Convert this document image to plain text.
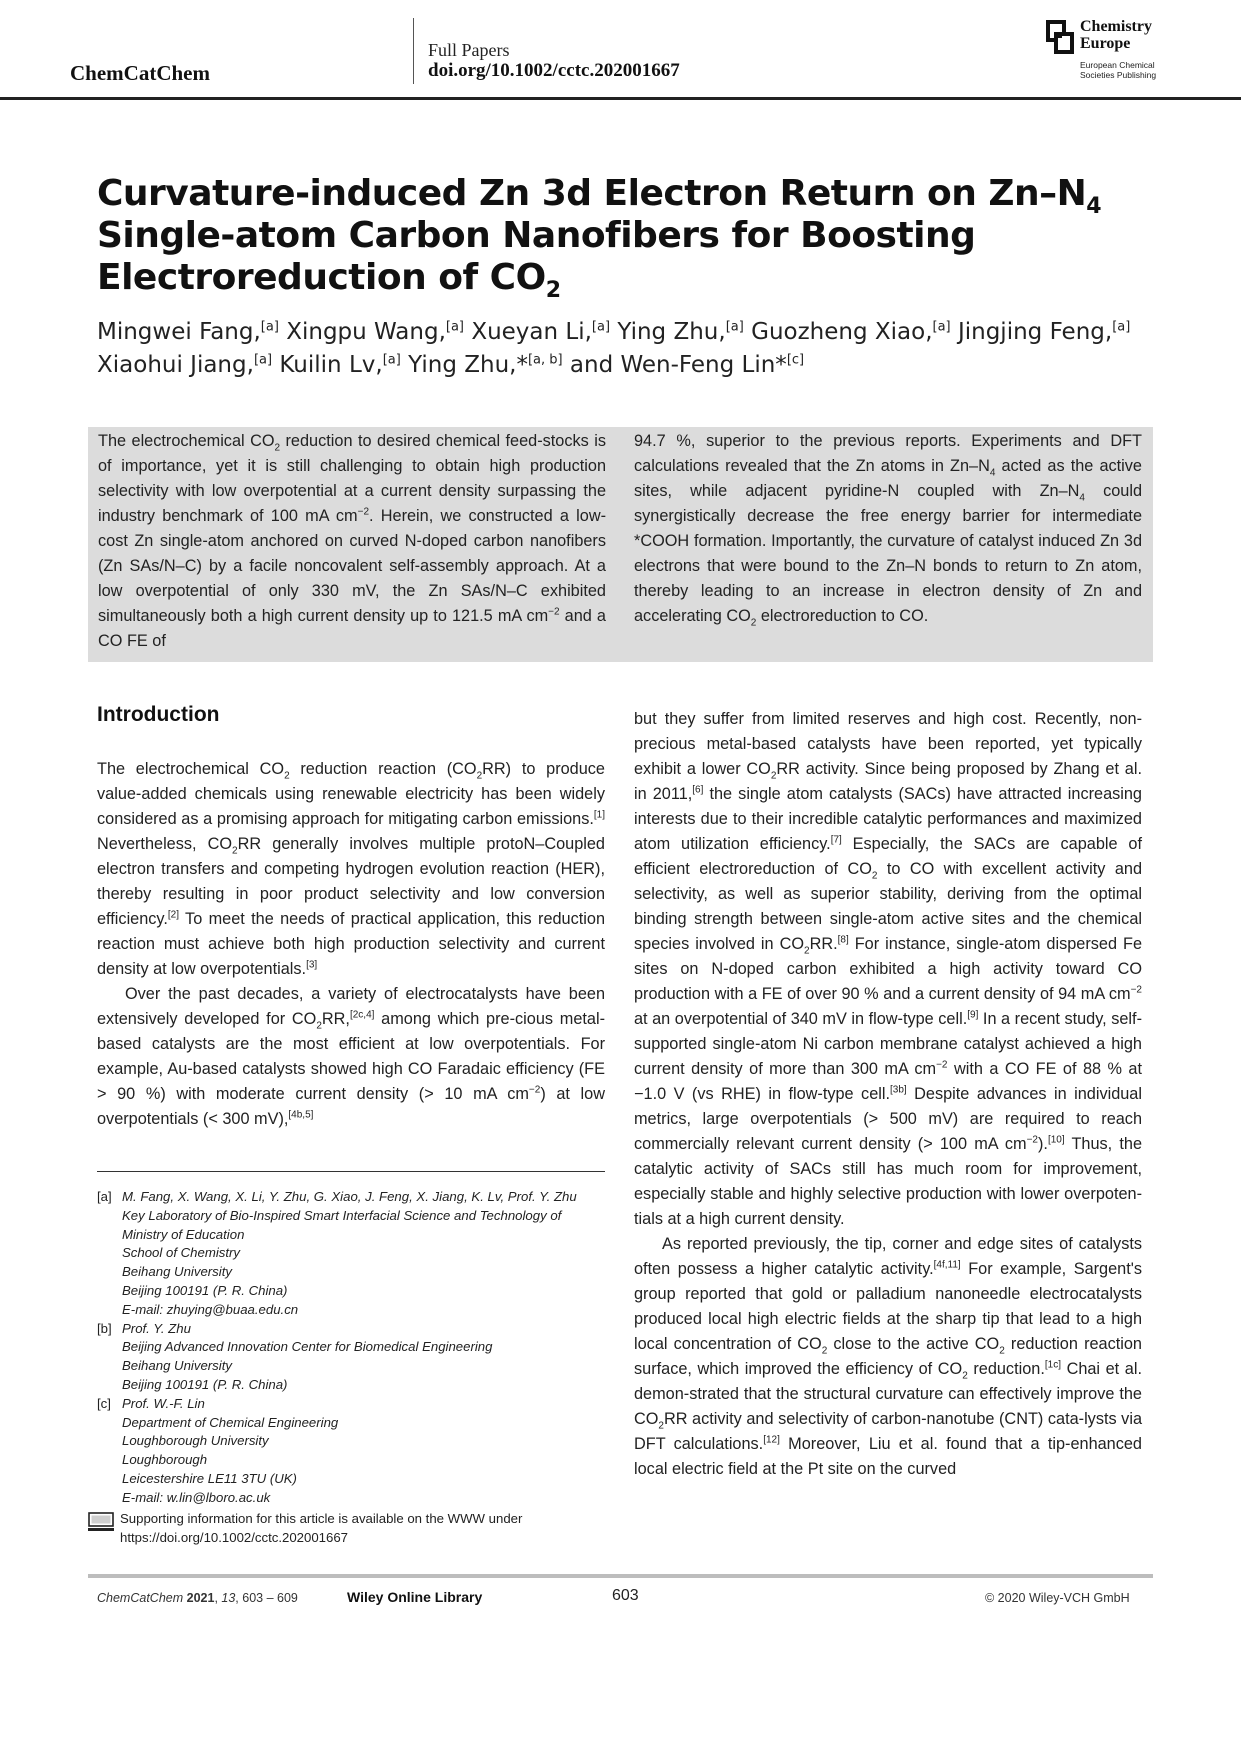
ChemCatChem
Full Papers
doi.org/10.1002/cctc.202001667
Chemistry
Europe
European Chemical
Societies Publishing
Curvature-induced Zn 3d Electron Return on $Zn-N_4$ Single-atom Carbon Nanofibers for Boosting Electroreduction of $CO_2$
Mingwei Fang,[a] Xingpu Wang,[a] Xueyan Li,[a] Ying Zhu,[a] Guozheng Xiao,[a] Jingjing Feng,[a]
Xiaohui Jiang,[a] Kuilin Lv,[a] Ying Zhu,*[a, b] and Wen-Feng Lin*[c]
The electrochemical $CO_2$ reduction to desired chemical feed-stocks is of importance, yet it is still challenging to obtain high production selectivity with low overpotential at a current density surpassing the industry benchmark of 100 mA $cm^{-2}$. Herein, we constructed a low-cost Zn single-atom anchored on curved N-doped carbon nanofibers (Zn SAs/N–C) by a facile noncovalent self-assembly approach. At a low overpotential of only 330 mV, the Zn SAs/N–C exhibited simultaneously both a high current density up to 121.5 mA $cm^{-2}$ and a CO FE of
94.7 %, superior to the previous reports. Experiments and DFT calculations revealed that the Zn atoms in $Zn-N_4$ acted as the active sites, while adjacent pyridine-N coupled with $Zn-N_4$ could synergistically decrease the free energy barrier for intermediate *COOH formation. Importantly, the curvature of catalyst induced Zn 3d electrons that were bound to the Zn–N bonds to return to Zn atom, thereby leading to an increase in electron density of Zn and accelerating $CO_2$ electroreduction to CO.
Introduction

The electrochemical $CO_2$ reduction reaction $(CO_2RR)$ to produce value-added chemicals using renewable electricity has been widely considered as a promising approach for mitigating carbon emissions.[1] Nevertheless, $CO_2RR$ generally involves multiple protoN–Coupled electron transfers and competing hydrogen evolution reaction (HER), thereby resulting in poor product selectivity and low conversion efficiency.[2] To meet the needs of practical application, this reduction reaction must achieve both high production selectivity and current density at low overpotentials.[3]

Over the past decades, a variety of electrocatalysts have been extensively developed for $CO_2RR,[2c,4]$ among which pre-cious metal-based catalysts are the most efficient at low overpotentials. For example, Au-based catalysts showed high CO Faradaic efficiency (FE > 90 %) with moderate current density (> 10 mA $cm^{-2}$) at low overpotentials (< 300 mV),[4b,5]

but they suffer from limited reserves and high cost. Recently, non-precious metal-based catalysts have been reported, yet typically exhibit a lower $CO_2RR$ activity. Since being proposed by Zhang et al. in 2011,[6] the single atom catalysts (SACs) have attracted increasing interests due to their incredible catalytic performances and maximized atom utilization efficiency.[7] Especially, the SACs are capable of efficient electroreduction of $CO_2$ to CO with excellent activity and selectivity, as well as superior stability, deriving from the optimal binding strength between single-atom active sites and the chemical species involved in $CO_2RR.[8]$ For instance, single-atom dispersed Fe sites on N-doped carbon exhibited a high activity toward CO production with a FE of over 90 % and a current density of 94 mA $cm^{-2}$ at an overpotential of 340 mV in flow-type cell.[9] In a recent study, self-supported single-atom Ni carbon membrane catalyst achieved a high current density of more than 300 mA $cm^{-2}$ with a CO FE of 88 % at −1.0 V (vs RHE) in flow-type cell.[3b] Despite advances in individual metrics, large overpotentials (> 500 mV) are required to reach commercially relevant current density (> 100 mA $cm^{-2}).[10]$ Thus, the catalytic activity of SACs still has much room for improvement, especially stable and highly selective production with lower overpoten-tials at a high current density.

As reported previously, the tip, corner and edge sites of catalysts often possess a higher catalytic activity.[4f,11] For example, Sargent's group reported that gold or palladium nanoneedle electrocatalysts produced local high electric fields at the sharp tip that lead to a high local concentration of $CO_2$ close to the active $CO_2$ reduction reaction surface, which improved the efficiency of $CO_2$ reduction.[1c] Chai et al. demon-strated that the structural curvature can effectively improve the $CO_2RR$ activity and selectivity of carbon-nanotube (CNT) cata-lysts via DFT calculations.[12] Moreover, Liu et al. found that a tip-enhanced local electric field at the Pt site on the curved

[a] M. Fang, X. Wang, X. Li, Y. Zhu, G. Xiao, J. Feng, X. Jiang, K. Lv, Prof. Y. Zhu
Key Laboratory of Bio-Inspired Smart Interfacial Science and Technology of
Ministry of Education
School of Chemistry
Beihang University
Beijing 100191 (P. R. China)
E-mail: zhuying@buaa.edu.cn
[b] Prof. Y. Zhu
Beijing Advanced Innovation Center for Biomedical Engineering
Beihang University
Beijing 100191 (P. R. China)
[c] Prof. W.-F. Lin
Department of Chemical Engineering
Loughborough University
Loughborough
Leicestershire LE11 3TU (UK)
E-mail: w.lin@lboro.ac.uk
Supporting information for this article is available on the WWW under
https://doi.org/10.1002/cctc.202001667
ChemCatChem 2021, 13, 603 – 609	Wiley Online Library	603	© 2020 Wiley-VCH GmbH
